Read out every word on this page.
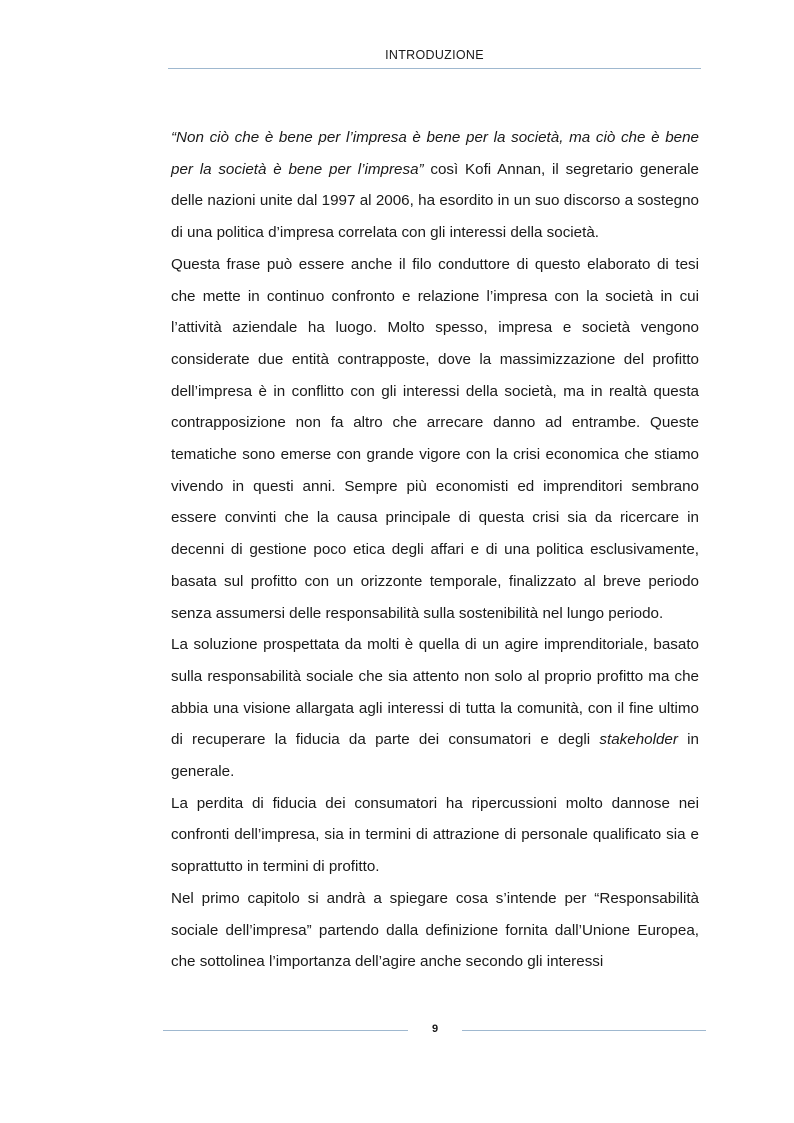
INTRODUZIONE

“Non ciò che è bene per l’impresa è bene per la società, ma ciò che è bene per la società è bene per l’impresa” così Kofi Annan, il segretario generale delle nazioni unite dal 1997 al 2006, ha esordito in un suo discorso a sostegno di una politica d’impresa correlata con gli interessi della società.

Questa frase può essere anche il filo conduttore di questo elaborato di tesi che mette in continuo confronto e relazione l’impresa con la società in cui l’attività aziendale ha luogo. Molto spesso, impresa e società vengono considerate due entità contrapposte, dove la massimizzazione del profitto dell’impresa è in conflitto con gli interessi della società, ma in realtà questa contrapposizione non fa altro che arrecare danno ad entrambe. Queste tematiche sono emerse con grande vigore con la crisi economica che stiamo vivendo in questi anni. Sempre più economisti ed imprenditori sembrano essere convinti che la causa principale di questa crisi sia da ricercare in decenni di gestione poco etica degli affari e di una politica esclusivamente, basata sul profitto con un orizzonte temporale, finalizzato al breve periodo senza assumersi delle responsabilità sulla sostenibilità nel lungo periodo.

La soluzione prospettata da molti è quella di un agire imprenditoriale, basato sulla responsabilità sociale che sia attento non solo al proprio profitto ma che abbia una visione allargata agli interessi di tutta la comunità, con il fine ultimo di recuperare la fiducia da parte dei consumatori e degli stakeholder in generale.

La perdita di fiducia dei consumatori ha ripercussioni molto dannose nei confronti dell’impresa, sia in termini di attrazione di personale qualificato sia e soprattutto in termini di profitto.

Nel primo capitolo si andrà a spiegare cosa s’intende per “Responsabilità sociale dell’impresa” partendo dalla definizione fornita dall’Unione Europea, che sottolinea l’importanza dell’agire anche secondo gli interessi

9
